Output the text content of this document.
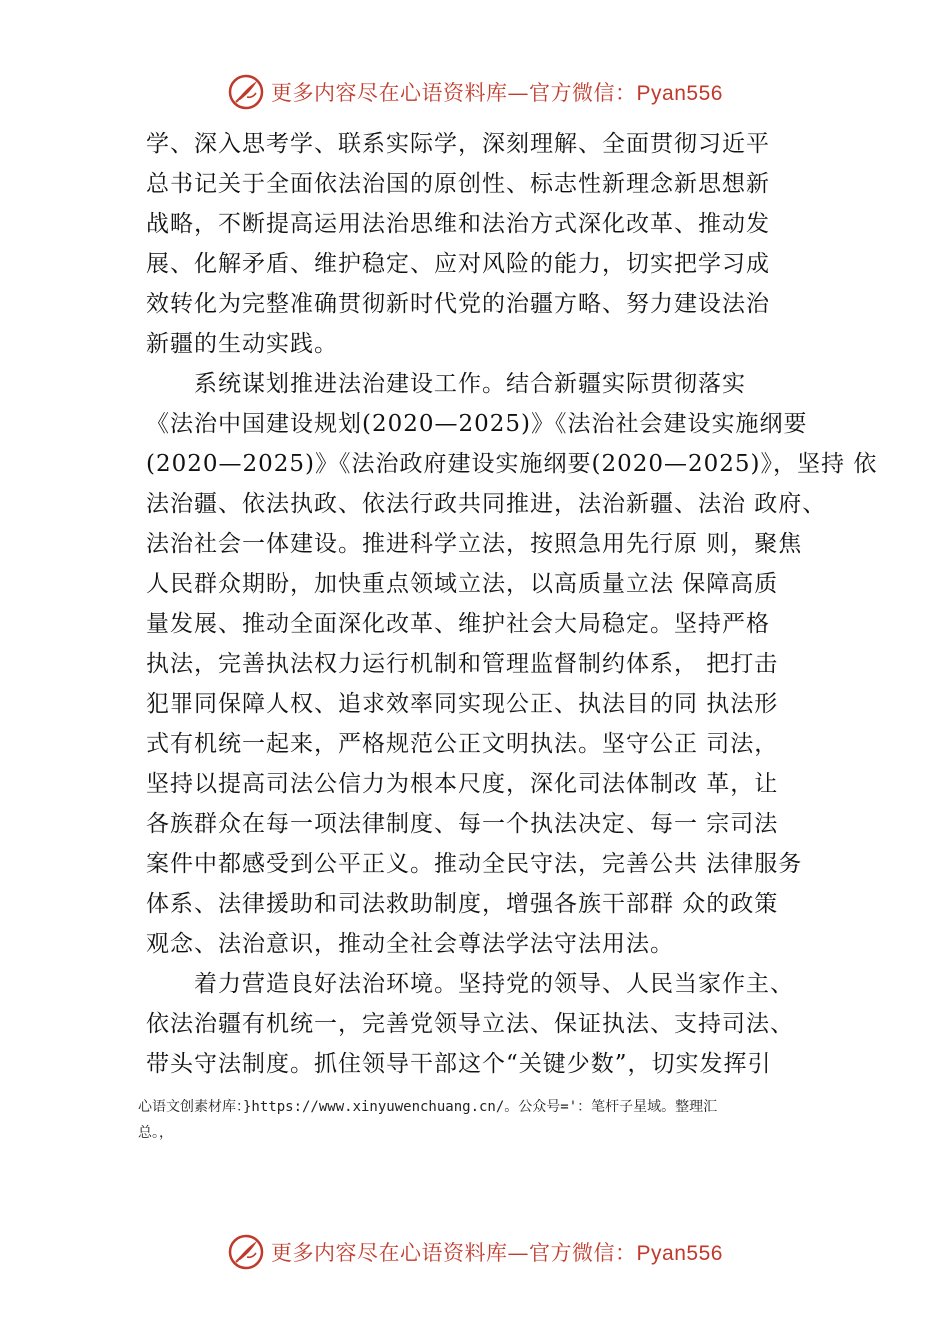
更多内容尽在心语资料库—官方微信：Pyan556
学、深入思考学、联系实际学，深刻理解、全面贯彻习近平
总书记关于全面依法治国的原创性、标志性新理念新思想新
战略，不断提高运用法治思维和法治方式深化改革、推动发
展、化解矛盾、维护稳定、应对风险的能力，切实把学习成
效转化为完整准确贯彻新时代党的治疆方略、努力建设法治
新疆的生动实践。
系统谋划推进法治建设工作。结合新疆实际贯彻落实
《法治中国建设规划(2020—2025)》《法治社会建设实施纲要
(2020—2025)》《法治政府建设实施纲要(2020—2025)》，坚持 依
法治疆、依法执政、依法行政共同推进，法治新疆、法治 政府、
法治社会一体建设。推进科学立法，按照急用先行原 则，聚焦
人民群众期盼，加快重点领域立法，以高质量立法 保障高质
量发展、推动全面深化改革、维护社会大局稳定。坚持严格
执法，完善执法权力运行机制和管理监督制约体系， 把打击
犯罪同保障人权、追求效率同实现公正、执法目的同 执法形
式有机统一起来，严格规范公正文明执法。坚守公正 司法，
坚持以提高司法公信力为根本尺度，深化司法体制改 革，让
各族群众在每一项法律制度、每一个执法决定、每一 宗司法
案件中都感受到公平正义。推动全民守法，完善公共 法律服务
体系、法律援助和司法救助制度，增强各族干部群 众的政策
观念、法治意识，推动全社会尊法学法守法用法。
着力营造良好法治环境。坚持党的领导、人民当家作主、
依法治疆有机统一，完善党领导立法、保证执法、支持司法、
带头守法制度。抓住领导干部这个“关键少数”，切实发挥引
心语文创素材库：}https://www.xinyuwenchuang.cn/。公众号='：笔杆子星域。整理汇
总。，
更多内容尽在心语资料库—官方微信：Pyan556
